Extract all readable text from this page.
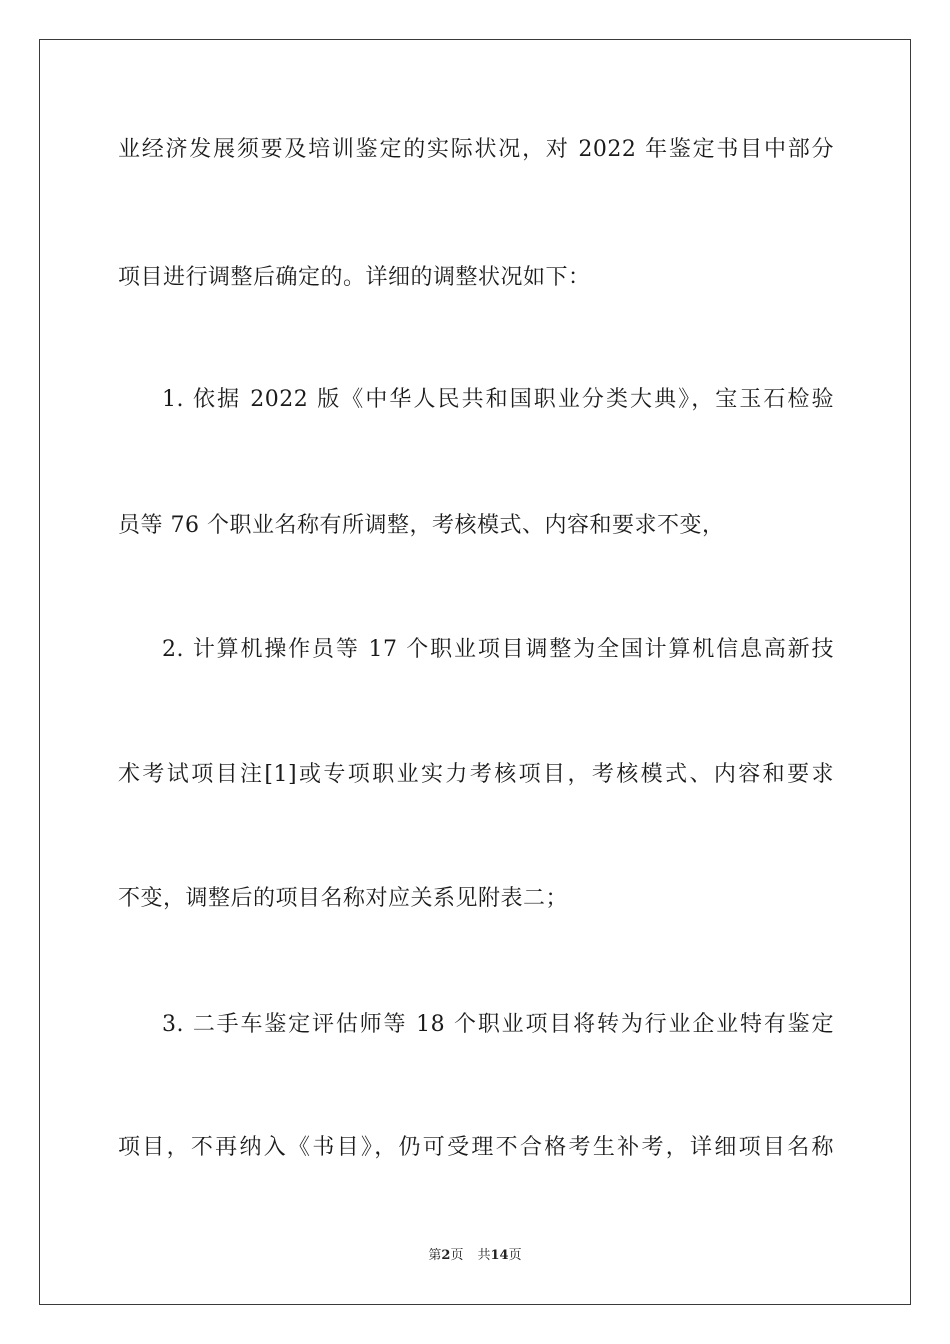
业经济发展须要及培训鉴定的实际状况，对 2022 年鉴定书目中部分
项目进行调整后确定的。详细的调整状况如下：
1. 依据 2022 版《中华人民共和国职业分类大典》，宝玉石检验
员等 76 个职业名称有所调整，考核模式、内容和要求不变，
2. 计算机操作员等 17 个职业项目调整为全国计算机信息高新技
术考试项目注[1]或专项职业实力考核项目，考核模式、内容和要求
不变，调整后的项目名称对应关系见附表二；
3. 二手车鉴定评估师等 18 个职业项目将转为行业企业特有鉴定
项目，不再纳入《书目》，仍可受理不合格考生补考，详细项目名称
第2页 共14页
